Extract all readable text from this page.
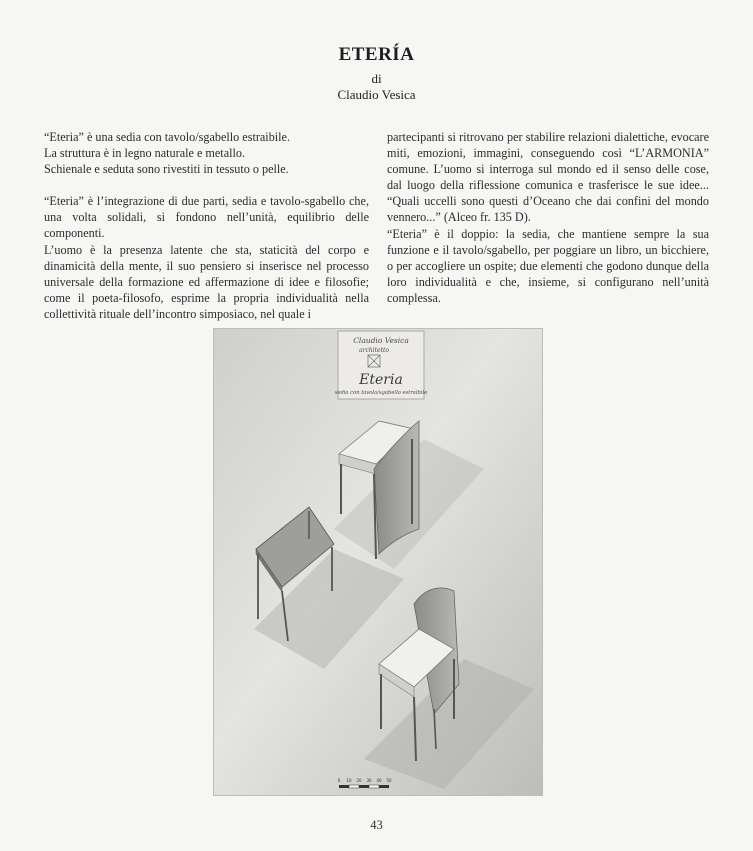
ETERÍA
di
Claudio Vesica
“Eteria” è una sedia con tavolo/sgabello estraibile.
La struttura è in legno naturale e metallo.
Schienale e seduta sono rivestiti in tessuto o pelle.

“Eteria” è l’integrazione di due parti, sedia e tavolo-sgabello che, una volta solidali, si fondono nell’unità, equilibrio delle componenti.

L’uomo è la presenza latente che sta, staticità del corpo e dinamicità della mente, il suo pensiero si inserisce nel processo universale della formazione ed affermazione di idee e filosofie; come il poeta-filosofo, esprime la propria individualità nella collettività rituale dell’incontro simposiaco, nel quale i

partecipanti si ritrovano per stabilire relazioni dialettiche, evocare miti, emozioni, immagini, conseguendo così “L’ARMONIA” comune. L’uomo si interroga sul mondo ed il senso delle cose, dal luogo della riflessione comunica e trasferisce le sue idee... “Quali uccelli sono questi d’Oceano che dai confini del mondo vennero...” (Alceo fr. 135 D).

“Eteria” è il doppio: la sedia, che mantiene sempre la sua funzione e il tavolo/sgabello, per poggiare un libro, un bicchiere, o per accogliere un ospite; due elementi che godono dunque della loro individualità e che, insieme, si configurano nell’unità complessa.

Claudio Vesica
architetto
Eteria
sedia con tavolo/sgabello estraibile
0 10 20 30 40 50
43
